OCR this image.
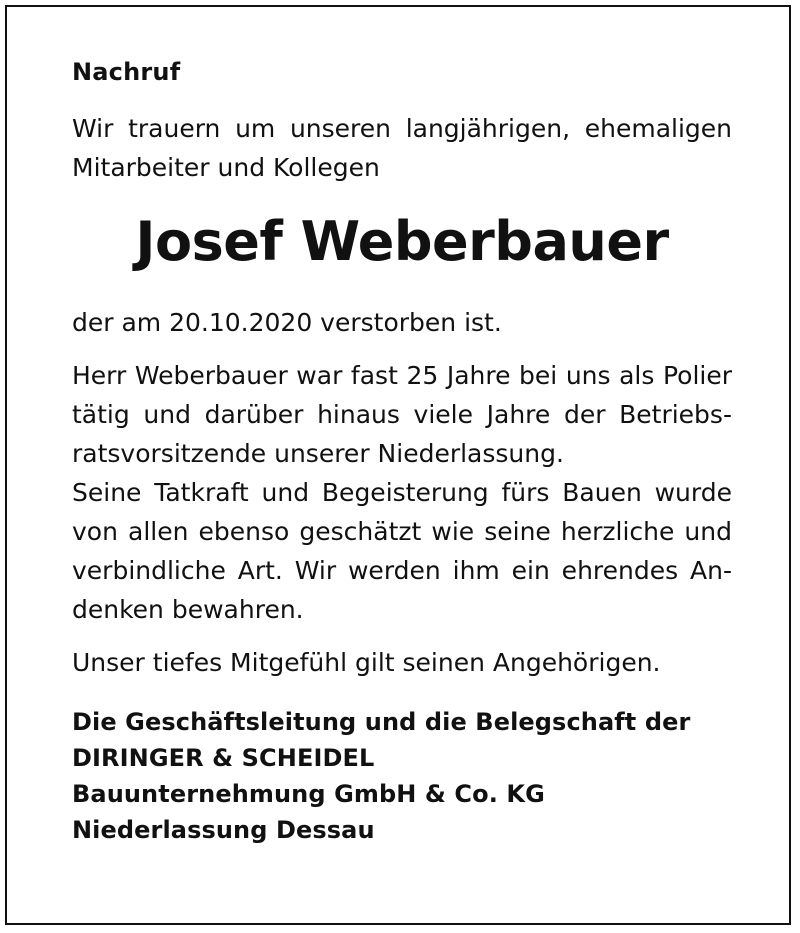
Nachruf

Wir trauern um unseren langjährigen, ehemaligen Mitarbeiter und Kollegen

Josef Weberbauer

der am 20.10.2020 verstorben ist.

Herr Weberbauer war fast 25 Jahre bei uns als Polier tätig und darüber hinaus viele Jahre der Betriebsratsvorsitzende unserer Niederlassung.

Seine Tatkraft und Begeisterung fürs Bauen wurde von allen ebenso geschätzt wie seine herzliche und verbindliche Art. Wir werden ihm ein ehrendes Andenken bewahren.

Unser tiefes Mitgefühl gilt seinen Angehörigen.

Die Geschäftsleitung und die Belegschaft der

DIRINGER & SCHEIDEL

Bauunternehmung GmbH & Co. KG

Niederlassung Dessau
